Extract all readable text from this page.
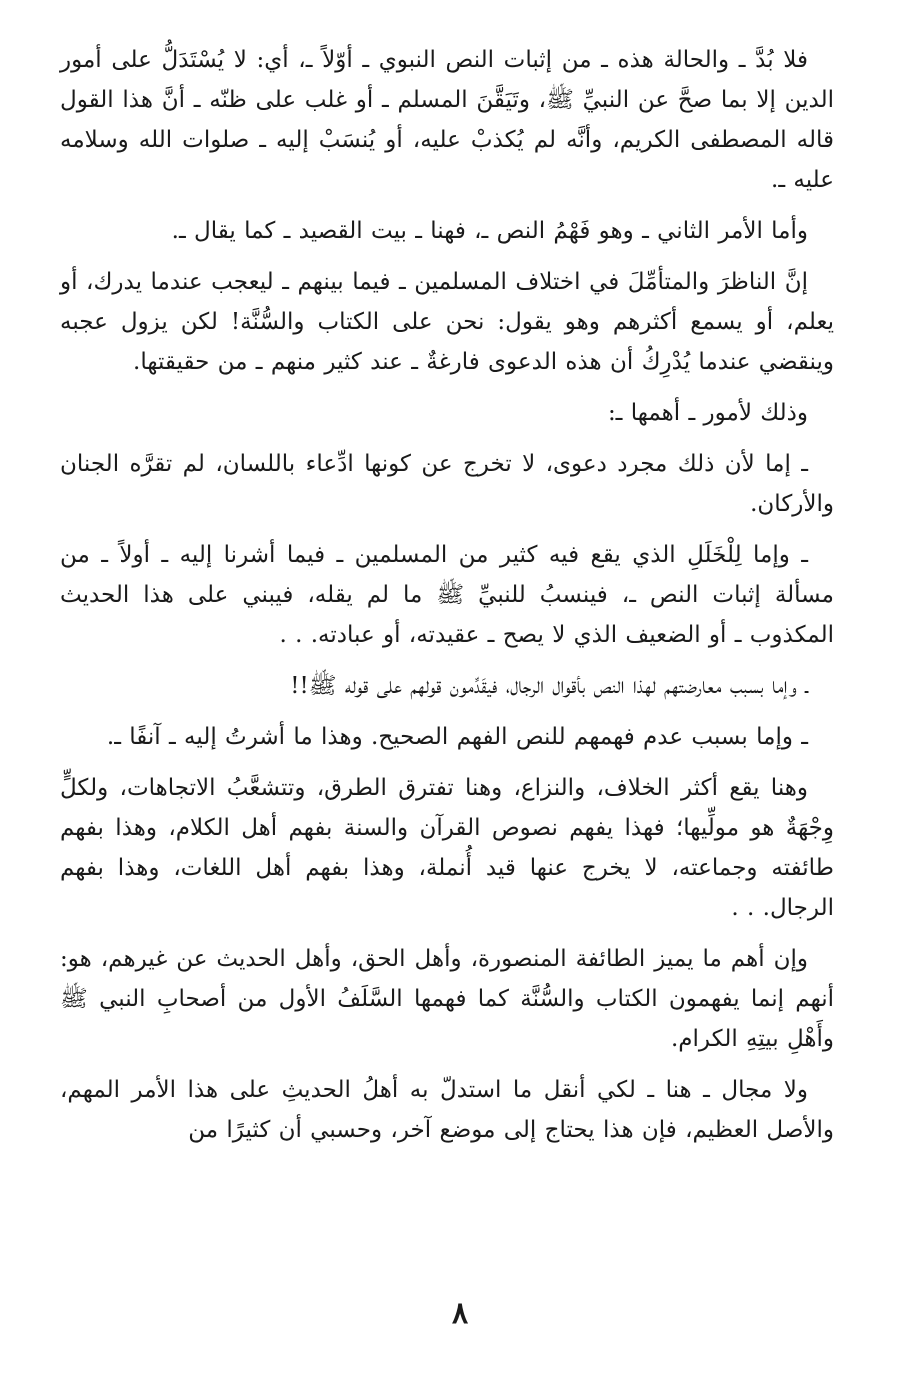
فلا بُدَّ ـ والحالة هذه ـ من إثبات النص النبوي ـ أوّلاً ـ، أي: لا يُسْتَدَلُّ على أمور الدين إلا بما صحَّ عن النبيِّ ﷺ، وتَيَقَّنَ المسلم ـ أو غلب على ظنّه ـ أنَّ هذا القول قاله المصطفى الكريم، وأنَّه لم يُكذبْ عليه، أو يُنسَبْ إليه ـ صلوات الله وسلامه عليه ـ.

وأما الأمر الثاني ـ وهو فَهْمُ النص ـ، فهنا ـ بيت القصيد ـ كما يقال ـ.

إنَّ الناظرَ والمتأمِّلَ في اختلاف المسلمين ـ فيما بينهم ـ ليعجب عندما يدرك، أو يعلم، أو يسمع أكثرهم وهو يقول: نحن على الكتاب والسُّنَّة! لكن يزول عجبه وينقضي عندما يُدْرِكُ أن هذه الدعوى فارغةٌ ـ عند كثير منهم ـ من حقيقتها.

وذلك لأمور ـ أهمها ـ:

ـ إما لأن ذلك مجرد دعوى، لا تخرج عن كونها ادِّعاء باللسان، لم تقرَّه الجنان والأركان.

ـ وإما لِلْخَلَلِ الذي يقع فيه كثير من المسلمين ـ فيما أشرنا إليه ـ أولاً ـ من مسألة إثبات النص ـ، فينسبُ للنبيِّ ﷺ ما لم يقله، فيبني على هذا الحديث المكذوب ـ أو الضعيف الذي لا يصح ـ عقيدته، أو عبادته. . .

ـ وإما بسبب معارضتهم لهذا النص بأقوال الرجال، فيقَدِّمون قولهم على قوله ﷺ!!

ـ وإما بسبب عدم فهمهم للنص الفهم الصحيح. وهذا ما أشرتُ إليه ـ آنفًا ـ.

وهنا يقع أكثر الخلاف، والنزاع، وهنا تفترق الطرق، وتتشعَّبُ الاتجاهات، ولكلٍّ وِجْهَةٌ هو مولِّيها؛ فهذا يفهم نصوص القرآن والسنة بفهم أهل الكلام، وهذا بفهم طائفته وجماعته، لا يخرج عنها قيد أُنملة، وهذا بفهم أهل اللغات، وهذا بفهم الرجال. . .

وإن أهم ما يميز الطائفة المنصورة، وأهل الحق، وأهل الحديث عن غيرهم، هو: أنهم إنما يفهمون الكتاب والسُّنَّة كما فهمها السَّلَفُ الأول من أصحابِ النبي ﷺ وأَهْلِ بيتِهِ الكرام.

ولا مجال ـ هنا ـ لكي أنقل ما استدلّ به أهلُ الحديثِ على هذا الأمر المهم، والأصل العظيم، فإن هذا يحتاج إلى موضع آخر، وحسبي أن كثيرًا من

٨
